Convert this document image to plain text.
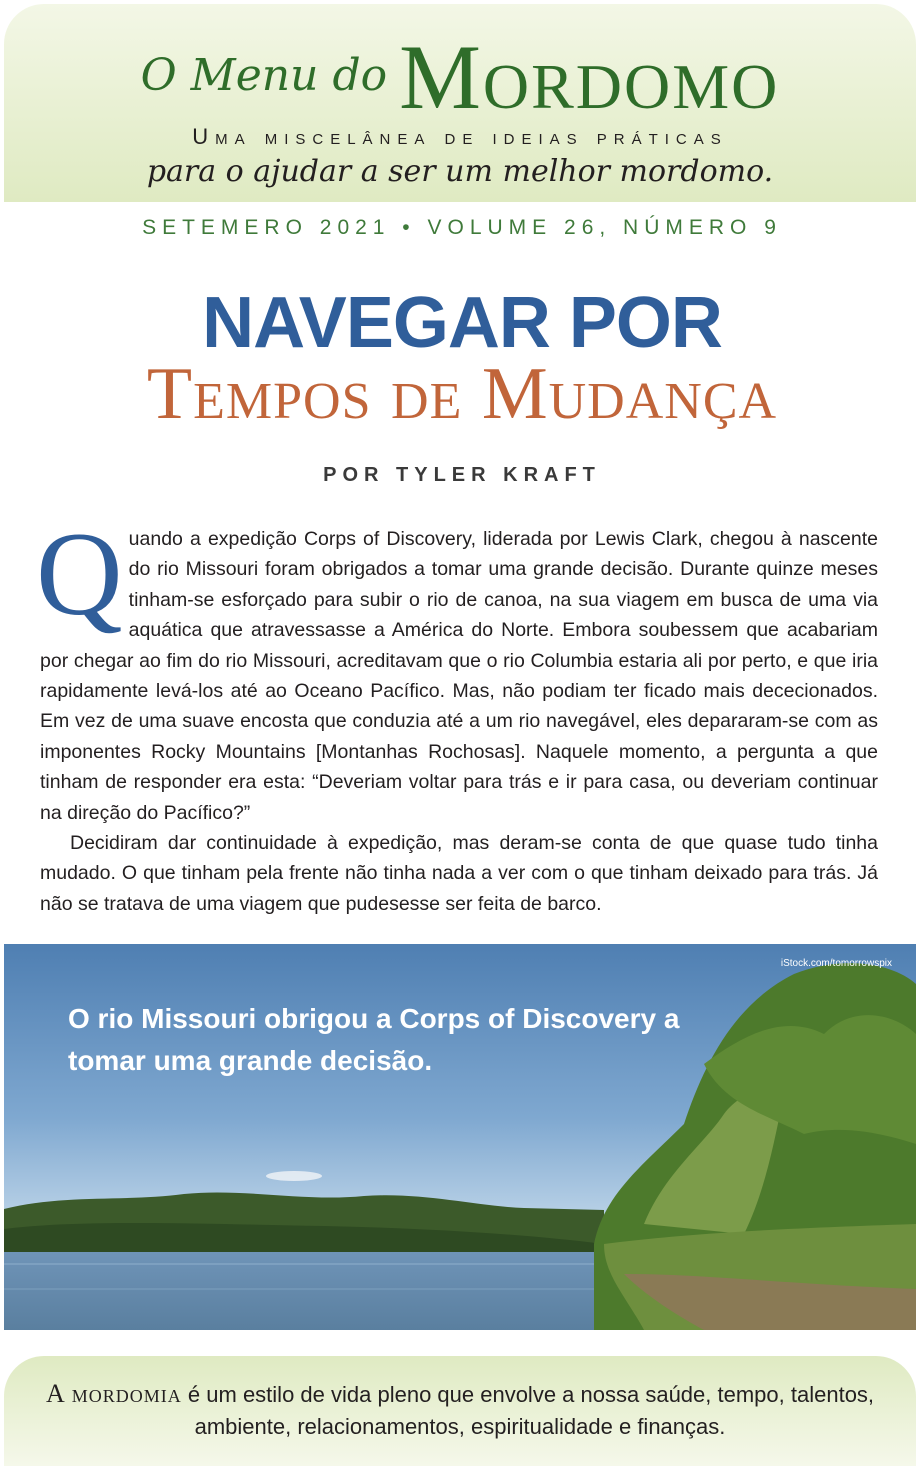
O Menu do Mordomo
Uma miscelânea de ideias práticas
para o ajudar a ser um melhor mordomo.
SETEMERO 2021 • VOLUME 26, NÚMERO 9
NAVEGAR POR
Tempos de Mudança
POR TYLER KRAFT

Quando a expedição Corps of Discovery, liderada por Lewis Clark, chegou à nascente do rio Missouri foram obrigados a tomar uma grande decisão. Durante quinze meses tinham-se esforçado para subir o rio de canoa, na sua viagem em busca de uma via aquática que atravessasse a América do Norte. Embora soubessem que acabariam por chegar ao fim do rio Missouri, acreditavam que o rio Columbia estaria ali por perto, e que iria rapidamente levá-los até ao Oceano Pacífico. Mas, não podiam ter ficado mais dececionados. Em vez de uma suave encosta que conduzia até a um rio navegável, eles depararam-se com as imponentes Rocky Mountains [Montanhas Rochosas]. Naquele momento, a pergunta a que tinham de responder era esta: “Deveriam voltar para trás e ir para casa, ou deveriam continuar na direção do Pacífico?”

Decidiram dar continuidade à expedição, mas deram-se conta de que quase tudo tinha mudado. O que tinham pela frente não tinha nada a ver com o que tinham deixado para trás. Já não se tratava de uma viagem que pudesesse ser feita de barco.

iStock.com/tomorrowspix
O rio Missouri obrigou a Corps of Discovery a tomar uma grande decisão.
A mordomia é um estilo de vida pleno que envolve a nossa saúde, tempo, talentos, ambiente, relacionamentos, espiritualidade e finanças.
